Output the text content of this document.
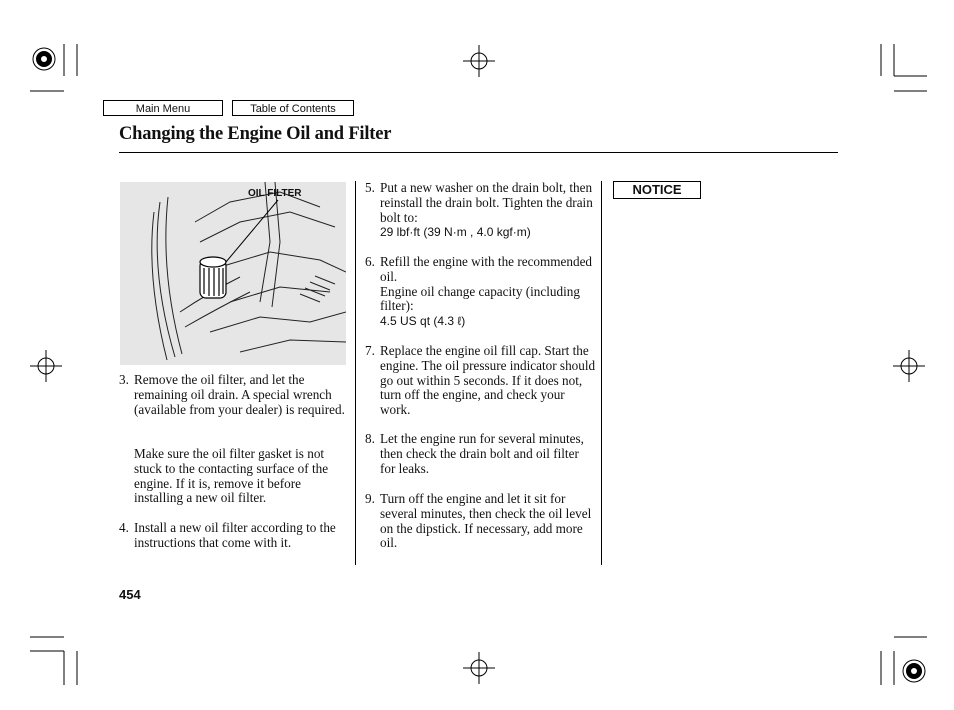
Main Menu	Table of Contents
Changing the Engine Oil and Filter
OIL FILTER
3. Remove the oil filter, and let the remaining oil drain. A special wrench (available from your dealer) is required.
Make sure the oil filter gasket is not stuck to the contacting surface of the engine. If it is, remove it before installing a new oil filter.
4. Install a new oil filter according to the instructions that come with it.
5. Put a new washer on the drain bolt, then reinstall the drain bolt. Tighten the drain bolt to:
29 lbf·ft (39 N·m , 4.0 kgf·m)
6. Refill the engine with the recommended oil.
Engine oil change capacity (including filter):
4.5 US qt (4.3 ℓ)
7. Replace the engine oil fill cap. Start the engine. The oil pressure indicator should go out within 5 seconds. If it does not, turn off the engine, and check your work.
8. Let the engine run for several minutes, then check the drain bolt and oil filter for leaks.
9. Turn off the engine and let it sit for several minutes, then check the oil level on the dipstick. If necessary, add more oil.
NOTICE
454
